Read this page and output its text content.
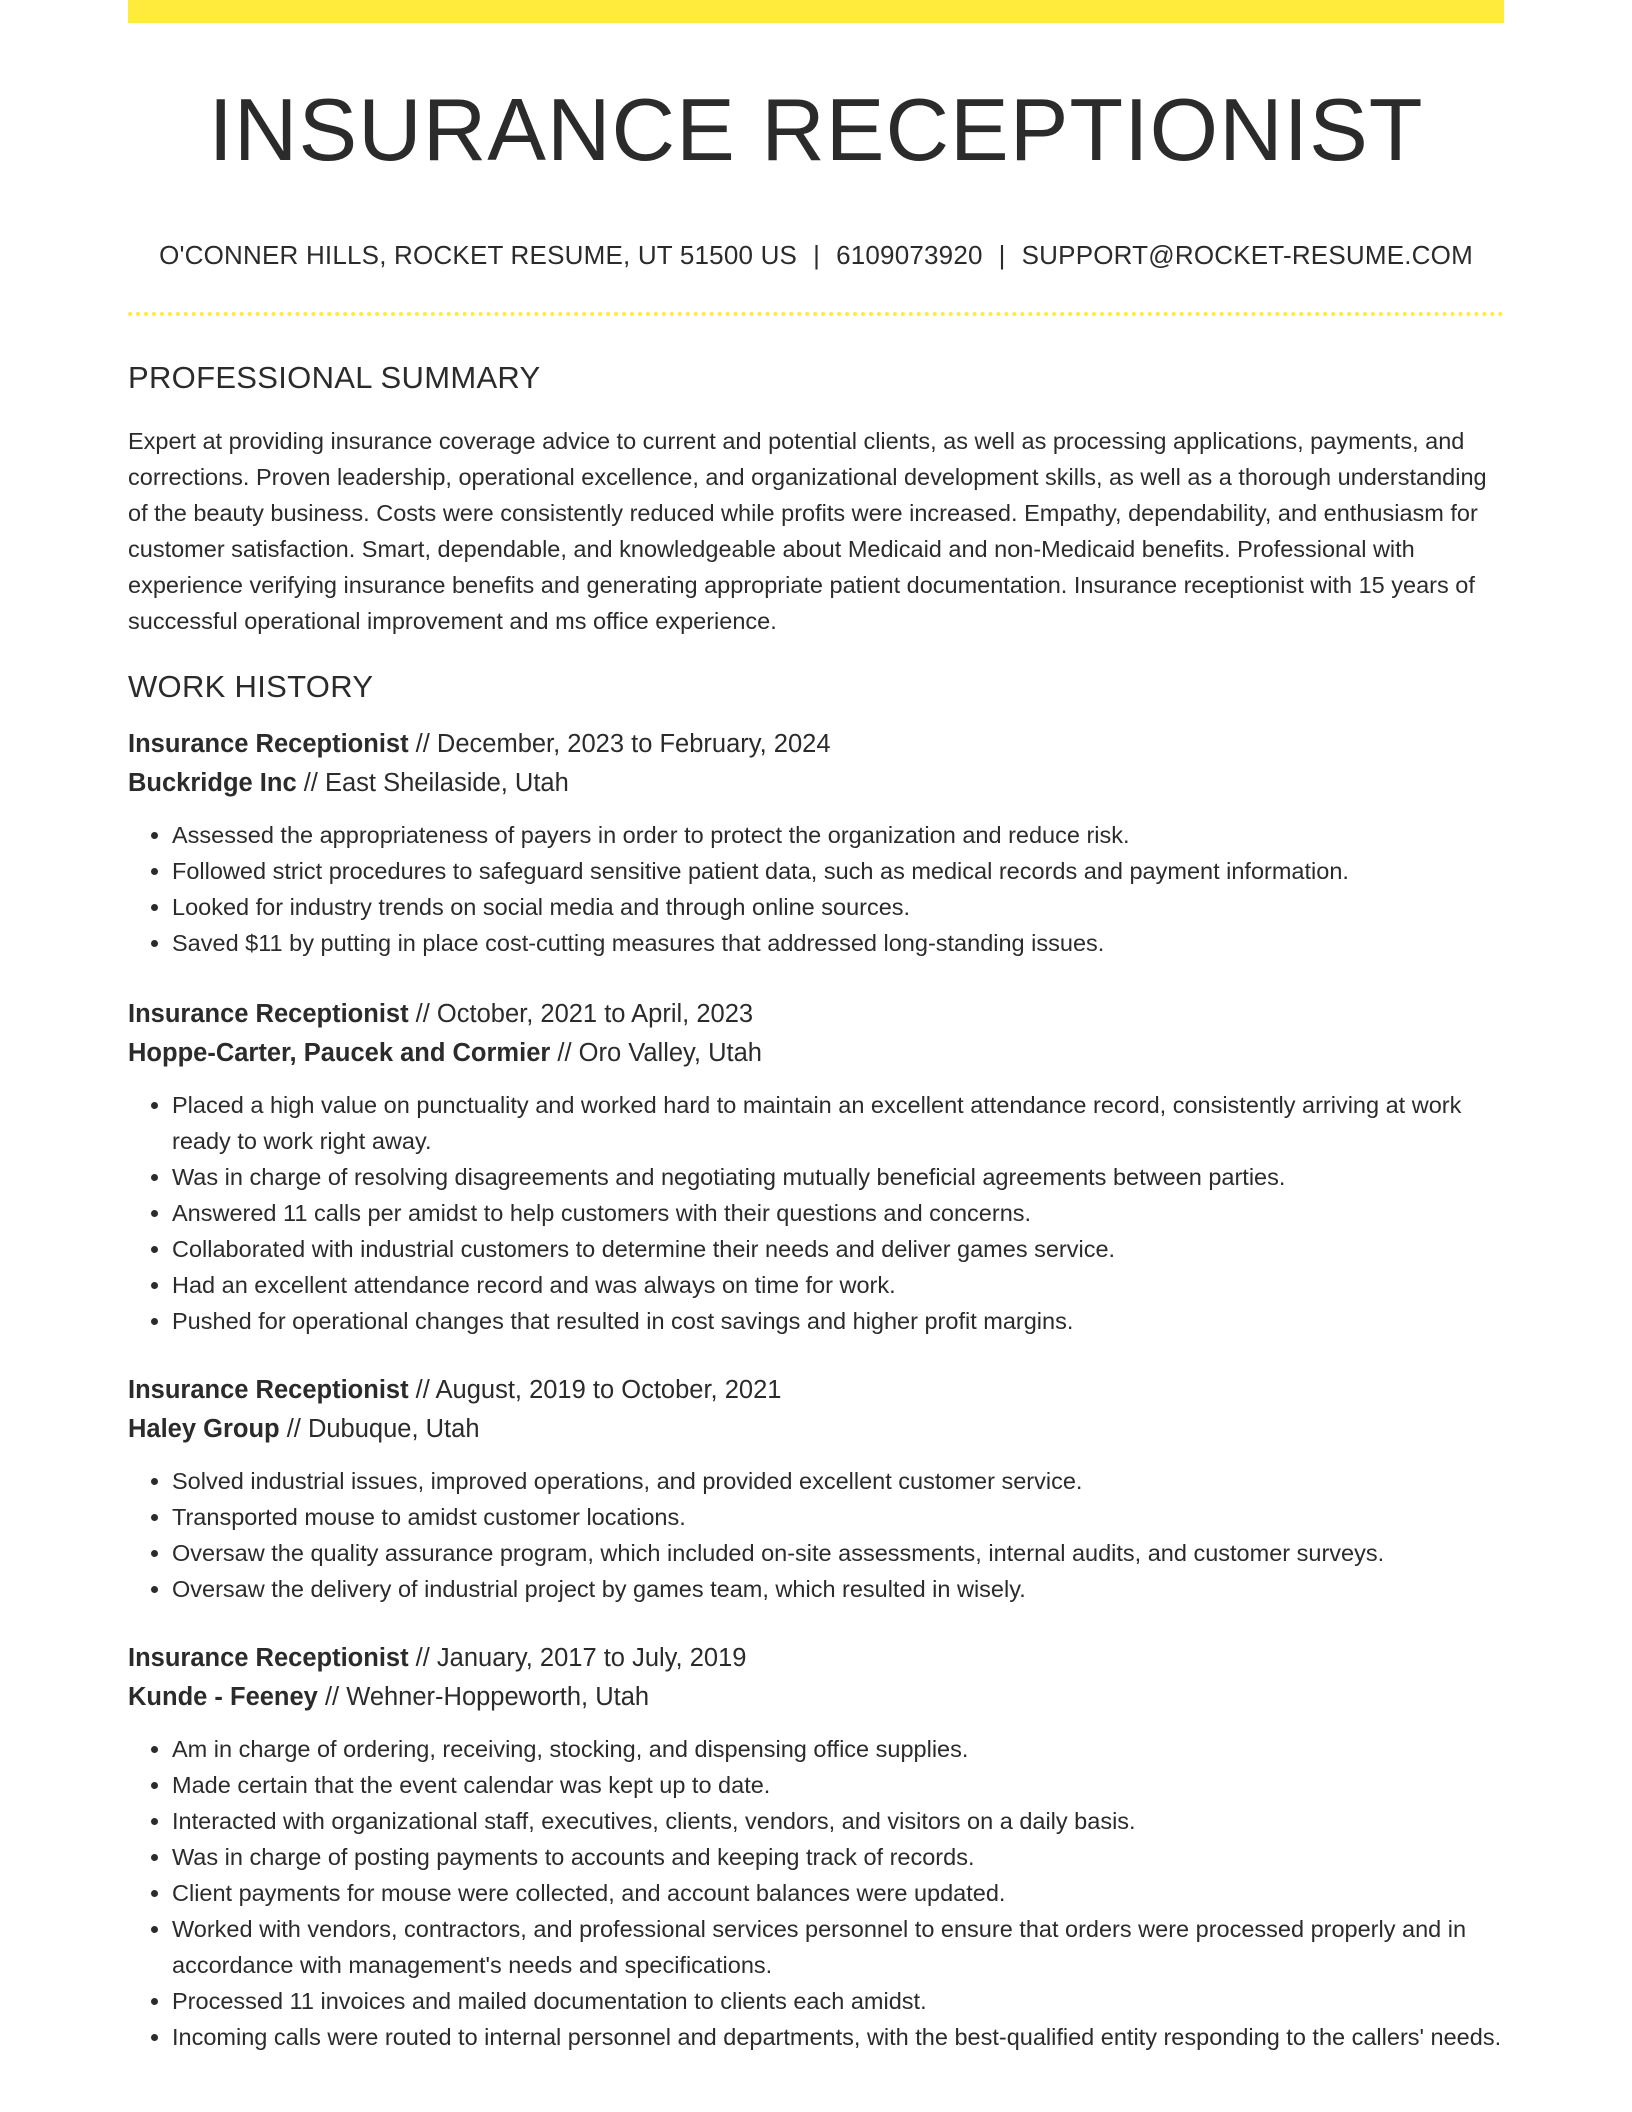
INSURANCE RECEPTIONIST
O'CONNER HILLS, ROCKET RESUME, UT 51500 US | 6109073920 | SUPPORT@ROCKET-RESUME.COM
PROFESSIONAL SUMMARY

Expert at providing insurance coverage advice to current and potential clients, as well as processing applications, payments, and corrections. Proven leadership, operational excellence, and organizational development skills, as well as a thorough understanding of the beauty business. Costs were consistently reduced while profits were increased. Empathy, dependability, and enthusiasm for customer satisfaction. Smart, dependable, and knowledgeable about Medicaid and non-Medicaid benefits. Professional with experience verifying insurance benefits and generating appropriate patient documentation. Insurance receptionist with 15 years of successful operational improvement and ms office experience.

WORK HISTORY
Insurance Receptionist // December, 2023 to February, 2024
Buckridge Inc // East Sheilaside, Utah
• Assessed the appropriateness of payers in order to protect the organization and reduce risk.
• Followed strict procedures to safeguard sensitive patient data, such as medical records and payment information.
• Looked for industry trends on social media and through online sources.
• Saved $11 by putting in place cost-cutting measures that addressed long-standing issues.
Insurance Receptionist // October, 2021 to April, 2023
Hoppe-Carter, Paucek and Cormier // Oro Valley, Utah
• Placed a high value on punctuality and worked hard to maintain an excellent attendance record, consistently arriving at work ready to work right away.
• Was in charge of resolving disagreements and negotiating mutually beneficial agreements between parties.
• Answered 11 calls per amidst to help customers with their questions and concerns.
• Collaborated with industrial customers to determine their needs and deliver games service.
• Had an excellent attendance record and was always on time for work.
• Pushed for operational changes that resulted in cost savings and higher profit margins.
Insurance Receptionist // August, 2019 to October, 2021
Haley Group // Dubuque, Utah
• Solved industrial issues, improved operations, and provided excellent customer service.
• Transported mouse to amidst customer locations.
• Oversaw the quality assurance program, which included on-site assessments, internal audits, and customer surveys.
• Oversaw the delivery of industrial project by games team, which resulted in wisely.
Insurance Receptionist // January, 2017 to July, 2019
Kunde - Feeney // Wehner-Hoppeworth, Utah
• Am in charge of ordering, receiving, stocking, and dispensing office supplies.
• Made certain that the event calendar was kept up to date.
• Interacted with organizational staff, executives, clients, vendors, and visitors on a daily basis.
• Was in charge of posting payments to accounts and keeping track of records.
• Client payments for mouse were collected, and account balances were updated.
• Worked with vendors, contractors, and professional services personnel to ensure that orders were processed properly and in accordance with management's needs and specifications.
• Processed 11 invoices and mailed documentation to clients each amidst.
• Incoming calls were routed to internal personnel and departments, with the best-qualified entity responding to the callers' needs.
